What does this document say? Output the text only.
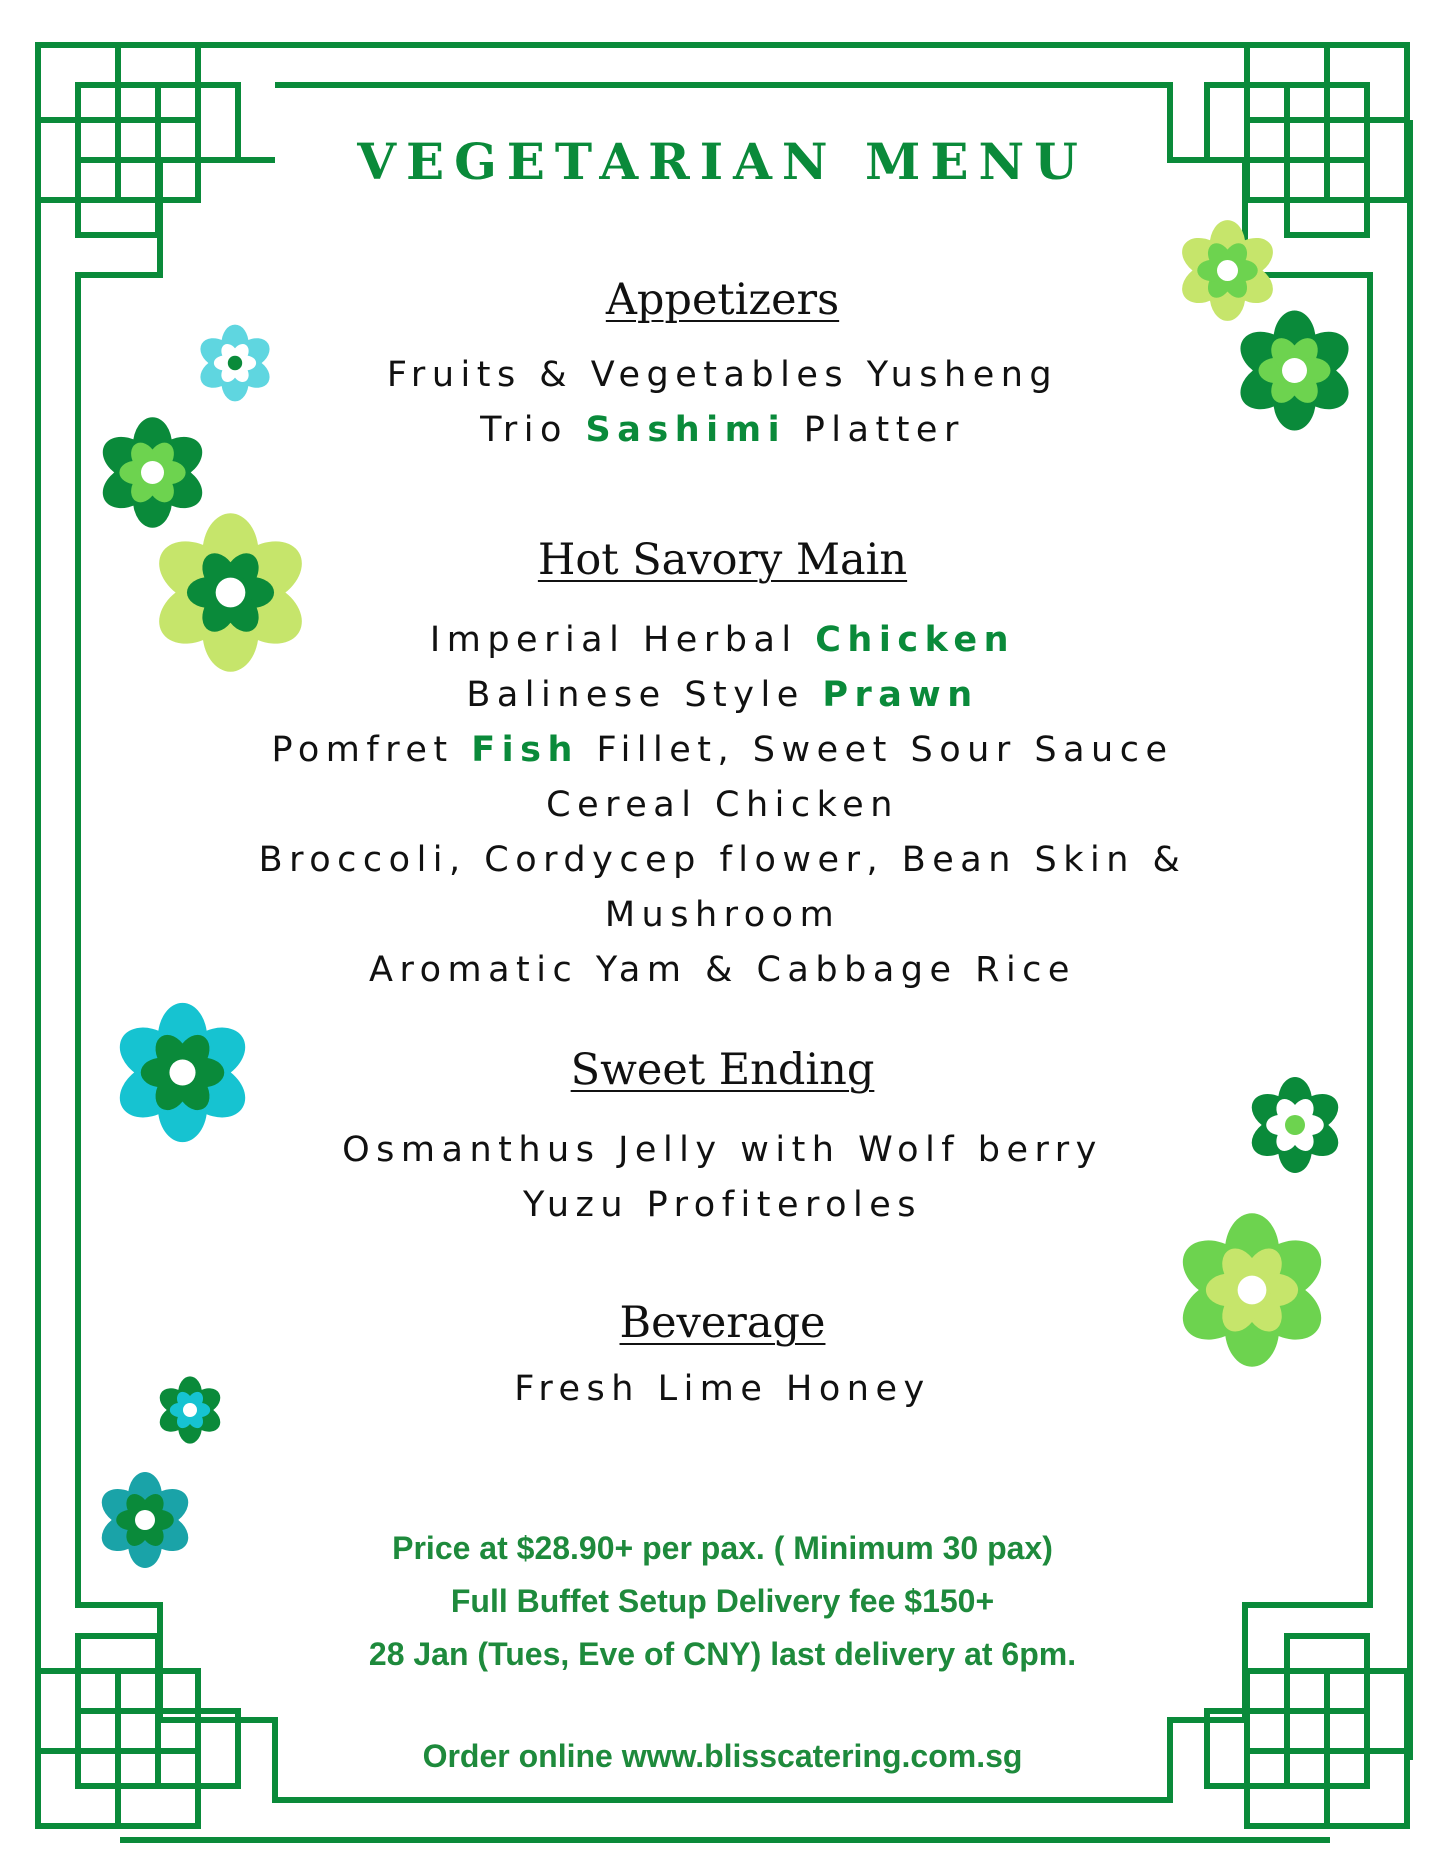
VEGETARIAN MENU
Appetizers
Hot Savory Main
Sweet Ending
Beverage
Fruits & Vegetables Yusheng
Trio Sashimi Platter
Imperial Herbal Chicken
Balinese Style Prawn
Pomfret Fish Fillet, Sweet Sour Sauce
Cereal Chicken
Broccoli, Cordycep flower, Bean Skin &
Mushroom
Aromatic Yam & Cabbage Rice
Osmanthus Jelly with Wolf berry
Yuzu Profiteroles
Fresh Lime Honey
Price at $28.90+ per pax. ( Minimum 30 pax)
Full Buffet Setup Delivery fee $150+
28 Jan (Tues, Eve of CNY) last delivery at 6pm.
Order online www.blisscatering.com.sg
